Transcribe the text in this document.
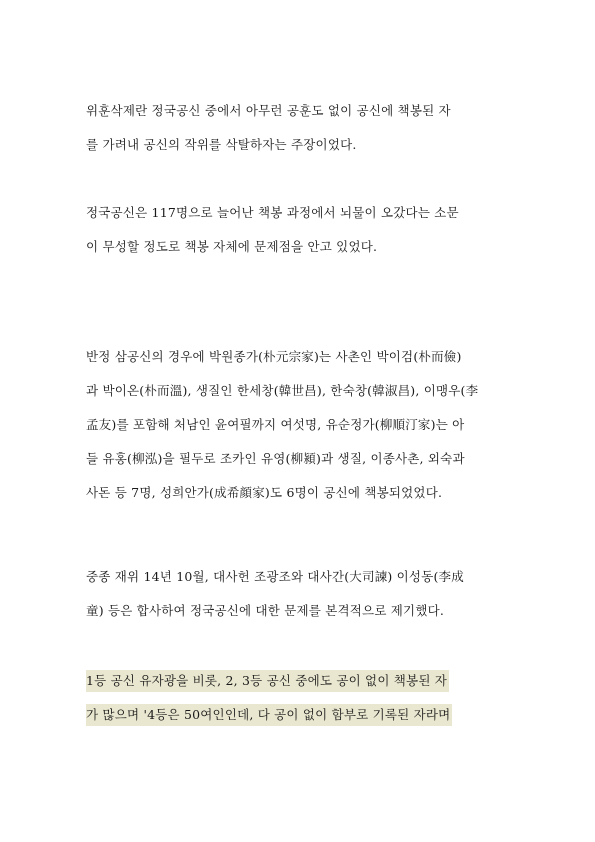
위훈삭제란 정국공신 중에서 아무런 공훈도 없이 공신에 책봉된 자
를 가려내 공신의 작위를 삭탈하자는 주장이었다.

정국공신은 117명으로 늘어난 책봉 과정에서 뇌물이 오갔다는 소문
이 무성할 정도로 책봉 자체에 문제점을 안고 있었다.

반정 삼공신의 경우에 박원종가(朴元宗家)는 사촌인 박이검(朴而儉)
과 박이온(朴而溫), 생질인 한세창(韓世昌), 한숙창(韓淑昌), 이맹우(李
孟友)를 포함해 처남인 윤여필까지 여섯명, 유순정가(柳順汀家)는 아
들 유홍(柳泓)을 필두로 조카인 유영(柳潁)과 생질, 이종사촌, 외숙과
사돈 등 7명, 성희안가(成希顔家)도 6명이 공신에 책봉되었었다.

중종 재위 14년 10월, 대사헌 조광조와 대사간(大司諫) 이성동(李成
童) 등은 합사하여 정국공신에 대한 문제를 본격적으로 제기했다.

1등 공신 유자광을 비롯, 2, 3등 공신 중에도 공이 없이 책봉된 자
가 많으며 '4등은 50여인인데, 다 공이 없이 함부로 기록된 자라며
